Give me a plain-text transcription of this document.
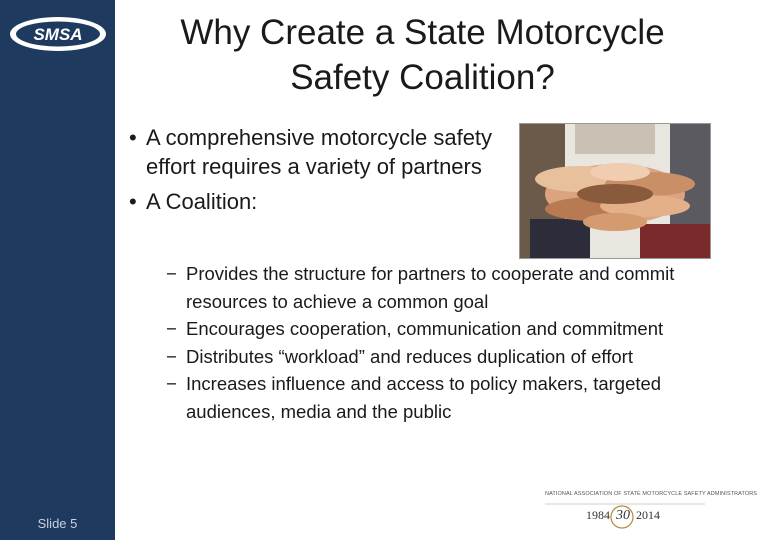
SMSA
Slide 5
Why Create a State Motorcycle Safety Coalition?
• A comprehensive motorcycle safety effort requires a variety of partners
• A Coalition:
− Provides the structure for partners to cooperate and commit resources to achieve a common goal
− Encourages cooperation, communication and commitment
− Distributes “workload” and reduces duplication of effort
− Increases influence and access to policy makers, targeted audiences, media and the public
NATIONAL ASSOCIATION OF STATE MOTORCYCLE SAFETY ADMINISTRATORS
1984 30 2014
